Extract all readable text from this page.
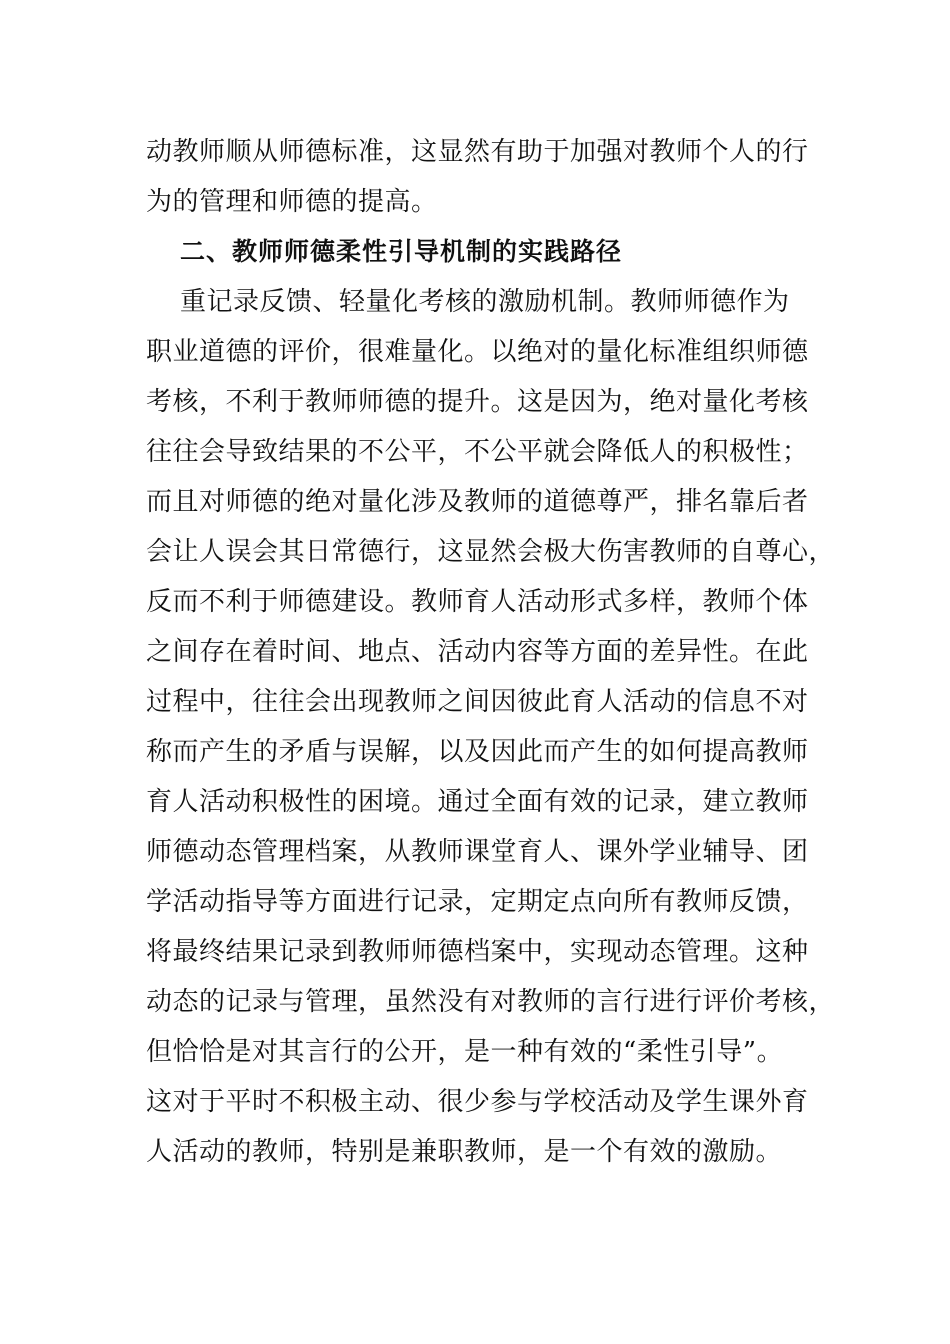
动教师顺从师德标准，这显然有助于加强对教师个人的行
为的管理和师德的提高。
二、教师师德柔性引导机制的实践路径
重记录反馈、轻量化考核的激励机制。教师师德作为
职业道德的评价，很难量化。以绝对的量化标准组织师德
考核，不利于教师师德的提升。这是因为，绝对量化考核
往往会导致结果的不公平，不公平就会降低人的积极性；
而且对师德的绝对量化涉及教师的道德尊严，排名靠后者
会让人误会其日常德行，这显然会极大伤害教师的自尊心，
反而不利于师德建设。教师育人活动形式多样，教师个体
之间存在着时间、地点、活动内容等方面的差异性。在此
过程中，往往会出现教师之间因彼此育人活动的信息不对
称而产生的矛盾与误解，以及因此而产生的如何提高教师
育人活动积极性的困境。通过全面有效的记录，建立教师
师德动态管理档案，从教师课堂育人、课外学业辅导、团
学活动指导等方面进行记录，定期定点向所有教师反馈，
将最终结果记录到教师师德档案中，实现动态管理。这种
动态的记录与管理，虽然没有对教师的言行进行评价考核，
但恰恰是对其言行的公开，是一种有效的“柔性引导”。
这对于平时不积极主动、很少参与学校活动及学生课外育
人活动的教师，特别是兼职教师，是一个有效的激励。
